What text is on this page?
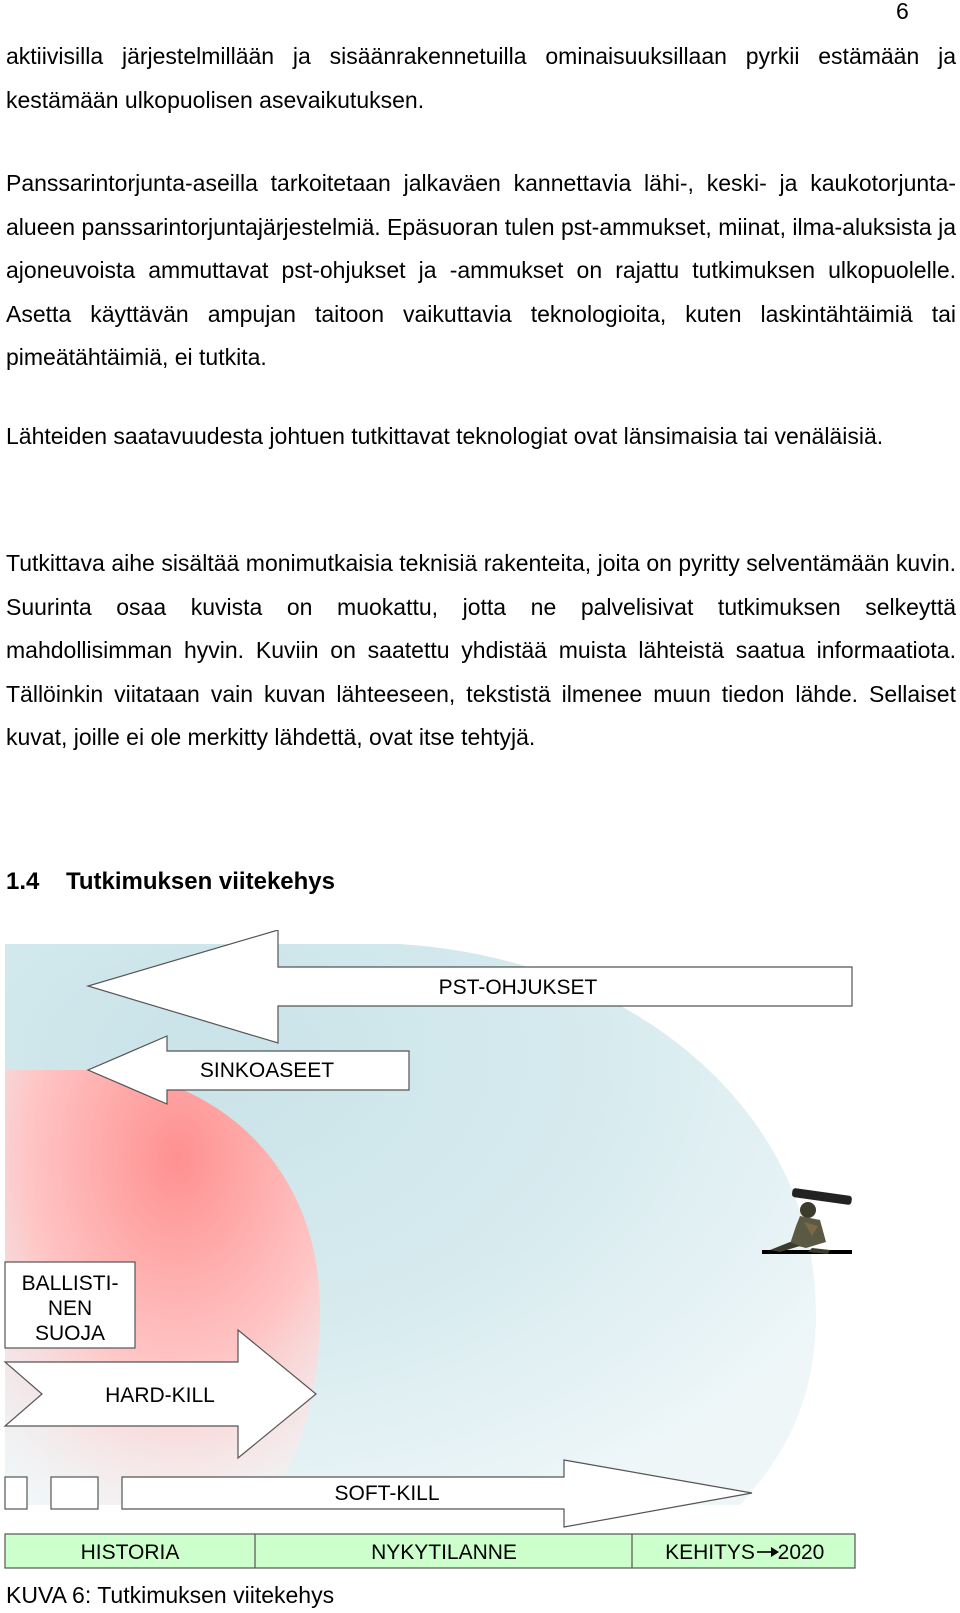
6

aktiivisilla järjestelmillään ja sisäänrakennetuilla ominaisuuksillaan pyrkii estämään ja kestämään ulkopuolisen asevaikutuksen.

Panssarintorjunta-aseilla tarkoitetaan jalkaväen kannettavia lähi-, keski- ja kaukotorjunta-alueen panssarintorjuntajärjestelmiä. Epäsuoran tulen pst-ammukset, miinat, ilma-aluksista ja ajoneuvoista ammuttavat pst-ohjukset ja -ammukset on rajattu tutkimuksen ulkopuolelle. Asetta käyttävän ampujan taitoon vaikuttavia teknologioita, kuten laskintähtäimiä tai pimeätähtäimiä, ei tutkita.

Lähteiden saatavuudesta johtuen tutkittavat teknologiat ovat länsimaisia tai venäläisiä.

Tutkittava aihe sisältää monimutkaisia teknisiä rakenteita, joita on pyritty selventämään kuvin. Suurinta osaa kuvista on muokattu, jotta ne palvelisivat tutkimuksen selkeyttä mahdollisimman hyvin. Kuviin on saatettu yhdistää muista lähteistä saatua informaatiota. Tällöinkin viitataan vain kuvan lähteeseen, tekstistä ilmenee muun tiedon lähde. Sellaiset kuvat, joille ei ole merkitty lähdettä, ovat itse tehtyjä.

1.4 Tutkimuksen viitekehys
PST-OHJUKSET
SINKOASEET
BALLISTI-
NEN
SUOJA
HARD-KILL
SOFT-KILL
HISTORIA	NYKYTILANNE	KEHITYS 2020

KUVA 6: Tutkimuksen viitekehys
